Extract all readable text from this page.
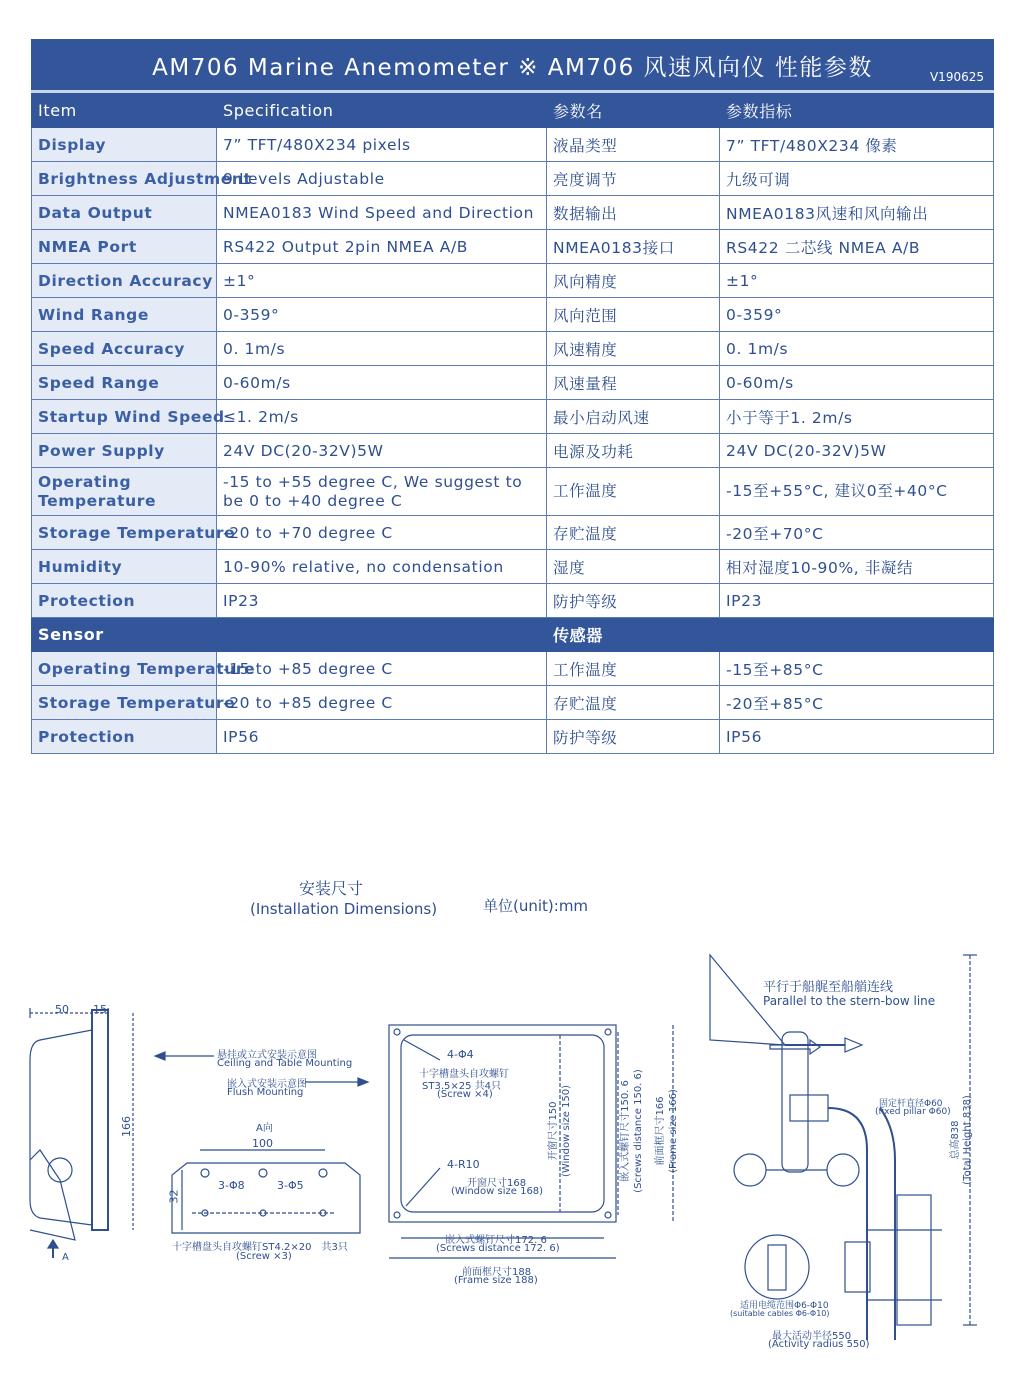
AM706 Marine Anemometer ※ AM706 风速风向仪 性能参数	V190625
Item	Specification	参数名	参数指标
Display	7” TFT/480X234 pixels	液晶类型	7” TFT/480X234 像素
Brightness Adjustment	9 Levels Adjustable	亮度调节	九级可调
Data Output	NMEA0183 Wind Speed and Direction	数据输出	NMEA0183风速和风向输出
NMEA Port	RS422 Output 2pin NMEA A/B	NMEA0183接口	RS422 二芯线 NMEA A/B
Direction Accuracy	±1°	风向精度	±1°
Wind Range	0-359°	风向范围	0-359°
Speed Accuracy	0. 1m/s	风速精度	0. 1m/s
Speed Range	0-60m/s	风速量程	0-60m/s
Startup Wind Speed	≤1. 2m/s	最小启动风速	小于等于1. 2m/s
Power Supply	24V DC(20-32V)5W	电源及功耗	24V DC(20-32V)5W
Operating Temperature	-15 to +55 degree C, We suggest to be 0 to +40 degree C	工作温度	-15至+55°C, 建议0至+40°C
Storage Temperature	-20 to +70 degree C	存贮温度	-20至+70°C
Humidity	10-90% relative, no condensation	湿度	相对湿度10-90%, 非凝结
Protection	IP23	防护等级	IP23
Sensor		传感器	
Operating Temperature	-15 to +85 degree C	工作温度	-15至+85°C
Storage Temperature	-20 to +85 degree C	存贮温度	-20至+85°C
Protection	IP56	防护等级	IP56
安装尺寸
(Installation Dimensions)	单位(unit):mm
50 15
166
A
悬挂或立式安装示意图
Ceiling and Table Mounting
嵌入式安装示意图
Flush Mounting
A向
100
32
3-Φ8	3-Φ5
十字槽盘头自攻螺钉ST4.2×20　共3只
(Screw ×3)
4-Φ4
十字槽盘头自攻螺钉
ST3.5×25 共4只
(Screw ×4)
4-R10
开窗尺寸168
(Window size 168)
嵌入式螺钉尺寸172. 6
(Screws distance 172. 6)
前面框尺寸188
(Frame size 188)
开窗尺寸150 (Window size 150)	嵌入式螺钉尺寸150. 6 (Screws distance 150. 6) 前面框尺寸166 (Frame size 166)
平行于船艉至船艏连线
Parallel to the stern-bow line
固定杆直径Φ60
(fixed pillar Φ60)
总高838 (Total Height 838)
适用电缆范围Φ6-Φ10
(suitable cables Φ6-Φ10)
最大活动半径550
(Activity radius 550)
